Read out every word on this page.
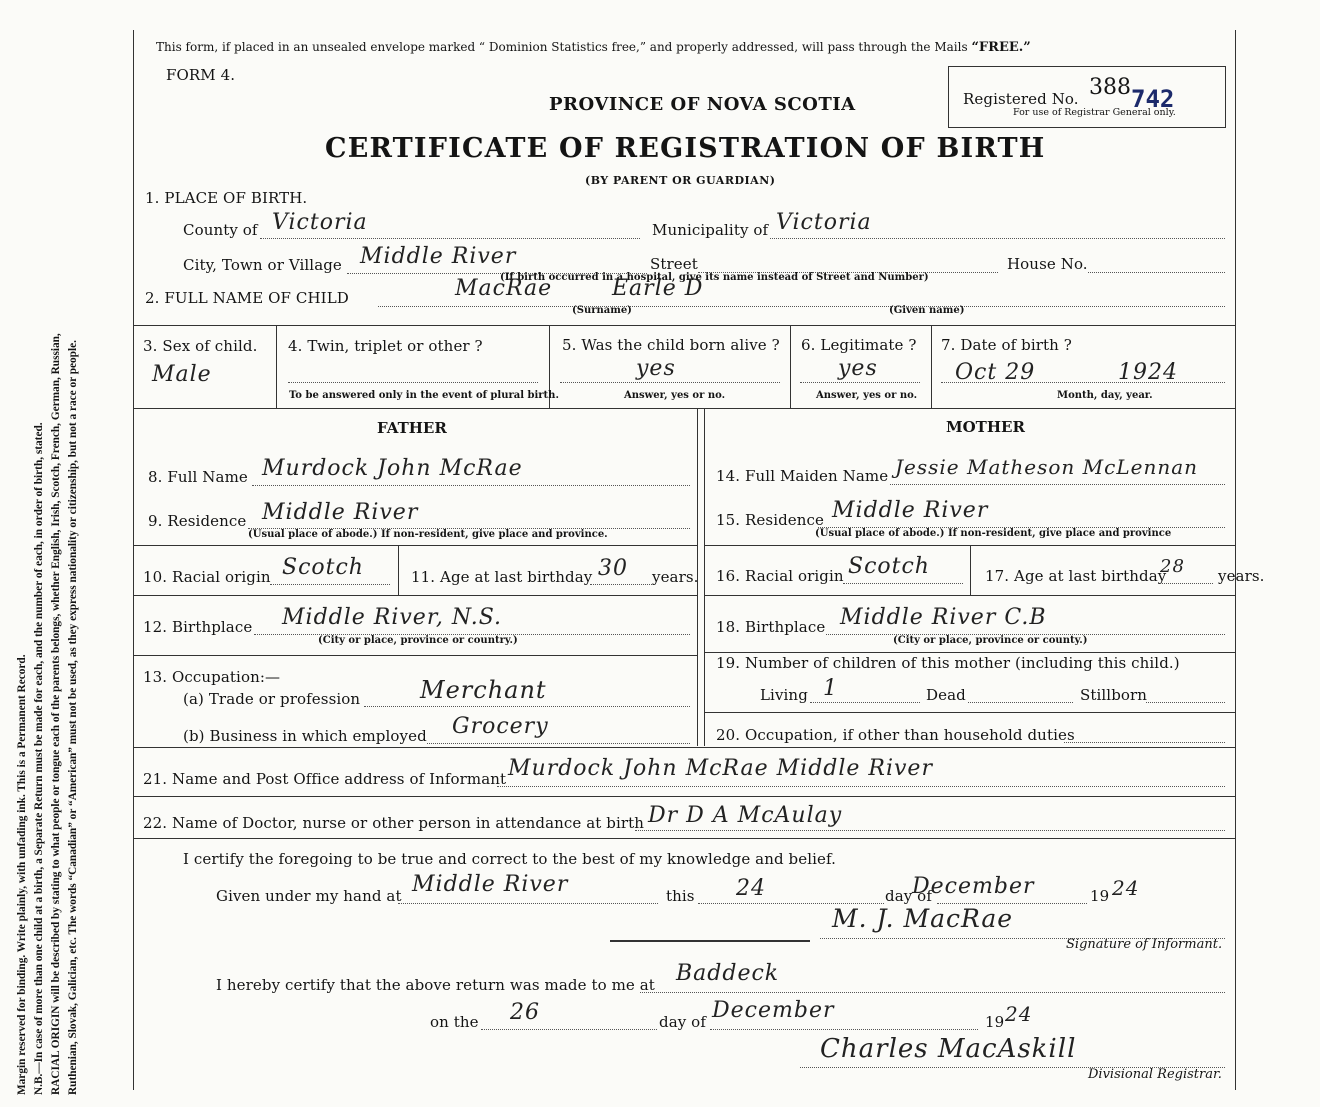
Margin reserved for binding. Write plainly, with unfading ink. This is a Permanent Record. N.B.—In case of more than one child at a birth, a Separate Return must be made for each, and the number of each, in order of birth, stated. RACIAL ORIGIN will be described by stating to what people or tongue each of the parents belongs, whether English, Irish, Scotch, French, German, Russian, Ruthenian, Slovak, Galician, etc. The words “Canadian” or “American” must not be used, as they express nationality or citizenship, but not a race or people.
This form, if placed in an unsealed envelope marked “ Dominion Statistics free,” and properly addressed, will pass through the Mails “FREE.”
FORM 4.
Registered No. 388 742
For use of Registrar General only.
PROVINCE OF NOVA SCOTIA
CERTIFICATE OF REGISTRATION OF BIRTH
(BY PARENT OR GUARDIAN)
1. PLACE OF BIRTH.
County of Victoria	Municipality of Victoria
City, Town or Village Middle River	Street	House No.
(If birth occurred in a hospital, give its name instead of Street and Number)
2. FULL NAME OF CHILD	MacRae	Earle D
(Surname)	(Given name)
3. Sex of child.
Male
4. Twin, triplet or other ?
To be answered only in the event of plural birth.
5. Was the child born alive ?
yes
Answer, yes or no.
6. Legitimate ?
yes
Answer, yes or no.
7. Date of birth ?
Oct 29	1924
Month, day, year.
FATHER	MOTHER
8. Full Name Murdock John McRae
9. Residence Middle River
(Usual place of abode.) If non-resident, give place and province.
10. Racial origin Scotch	11. Age at last birthday 30 years.
12. Birthplace Middle River, N.S.
(City or place, province or country.)
13. Occupation:—
(a) Trade or profession Merchant
(b) Business in which employed Grocery
14. Full Maiden Name Jessie Matheson McLennan
15. Residence Middle River
(Usual place of abode.) If non-resident, give place and province
16. Racial origin Scotch	17. Age at last birthday
28 years.
18. Birthplace Middle River C.B
(City or place, province or county.)
19. Number of children of this mother (including this child.)
Living 1	Dead	Stillborn
20. Occupation, if other than household duties
21. Name and Post Office address of Informant Murdock John McRae Middle River
22. Name of Doctor, nurse or other person in attendance at birth Dr D A McAulay
I certify the foregoing to be true and correct to the best of my knowledge and belief.
Given under my hand at Middle River	this 24	day of
December	19 24
M. J. MacRae
Signature of Informant.
I hereby certify that the above return was made to me at Baddeck
on the 26	day of December	19 24
Charles MacAskill
Divisional Registrar.
